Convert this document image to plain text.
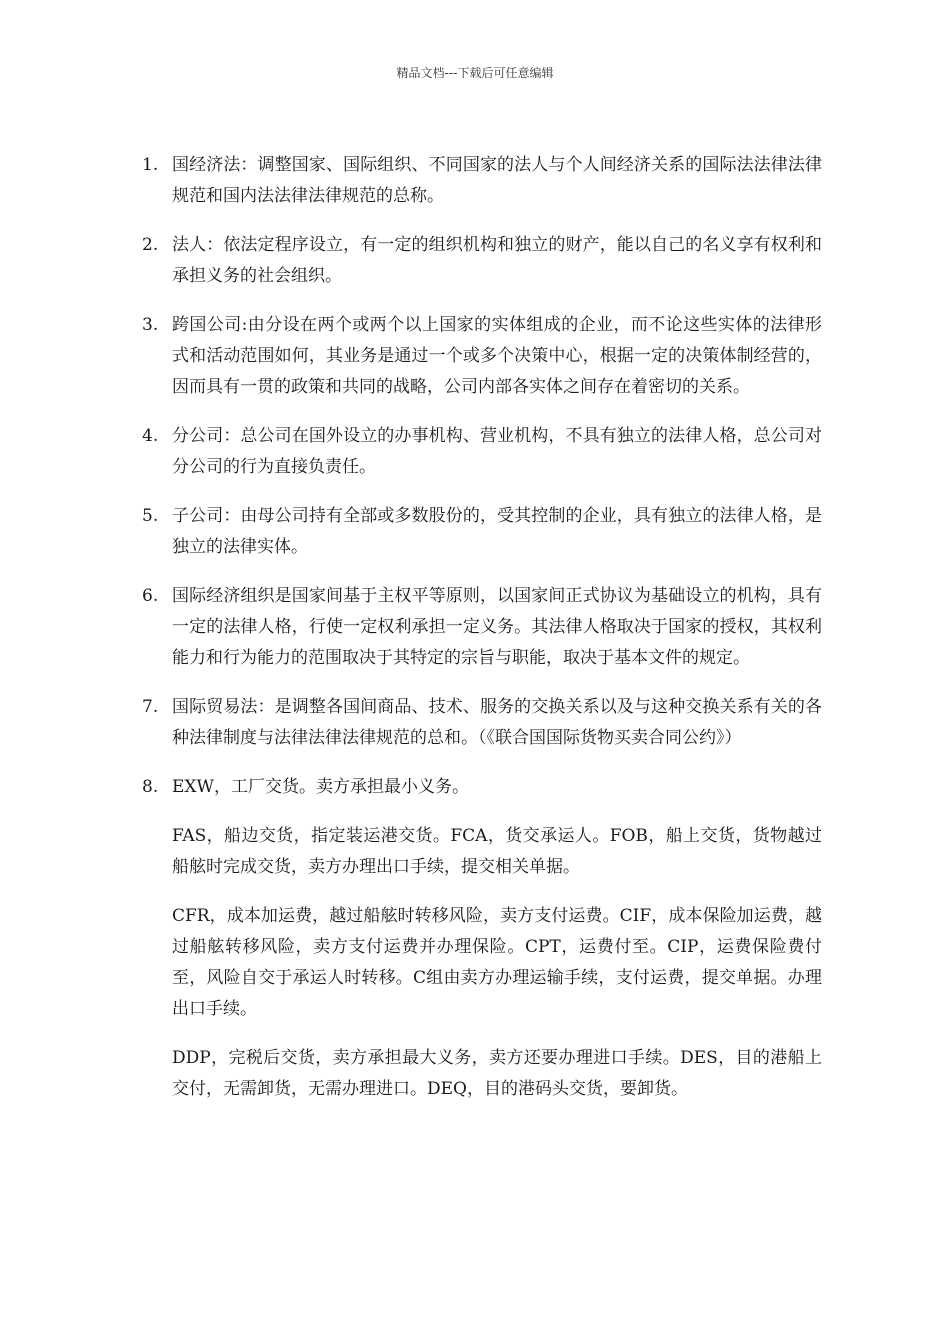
精品文档---下载后可任意编辑
1. 国经济法：调整国家、国际组织、不同国家的法人与个人间经济关系的国际法法律法律规范和国内法法律法律规范的总称。

2. 法人：依法定程序设立，有一定的组织机构和独立的财产，能以自己的名义享有权利和承担义务的社会组织。

3. 跨国公司:由分设在两个或两个以上国家的实体组成的企业，而不论这些实体的法律形式和活动范围如何，其业务是通过一个或多个决策中心，根据一定的决策体制经营的，因而具有一贯的政策和共同的战略，公司内部各实体之间存在着密切的关系。

4. 分公司：总公司在国外设立的办事机构、营业机构，不具有独立的法律人格，总公司对分公司的行为直接负责任。

5. 子公司：由母公司持有全部或多数股份的，受其控制的企业，具有独立的法律人格，是独立的法律实体。

6. 国际经济组织是国家间基于主权平等原则，以国家间正式协议为基础设立的机构，具有一定的法律人格，行使一定权利承担一定义务。其法律人格取决于国家的授权，其权利能力和行为能力的范围取决于其特定的宗旨与职能，取决于基本文件的规定。

7. 国际贸易法：是调整各国间商品、技术、服务的交换关系以及与这种交换关系有关的各种法律制度与法律法律法律规范的总和。（《联合国国际货物买卖合同公约》）

8. EXW，工厂交货。卖方承担最小义务。

FAS，船边交货，指定装运港交货。FCA，货交承运人。FOB，船上交货，货物越过船舷时完成交货，卖方办理出口手续，提交相关单据。

CFR，成本加运费，越过船舷时转移风险，卖方支付运费。CIF，成本保险加运费，越过船舷转移风险，卖方支付运费并办理保险。CPT，运费付至。CIP，运费保险费付至，风险自交于承运人时转移。C组由卖方办理运输手续，支付运费，提交单据。办理出口手续。

DDP，完税后交货，卖方承担最大义务，卖方还要办理进口手续。DES，目的港船上交付，无需卸货，无需办理进口。DEQ，目的港码头交货，要卸货。
